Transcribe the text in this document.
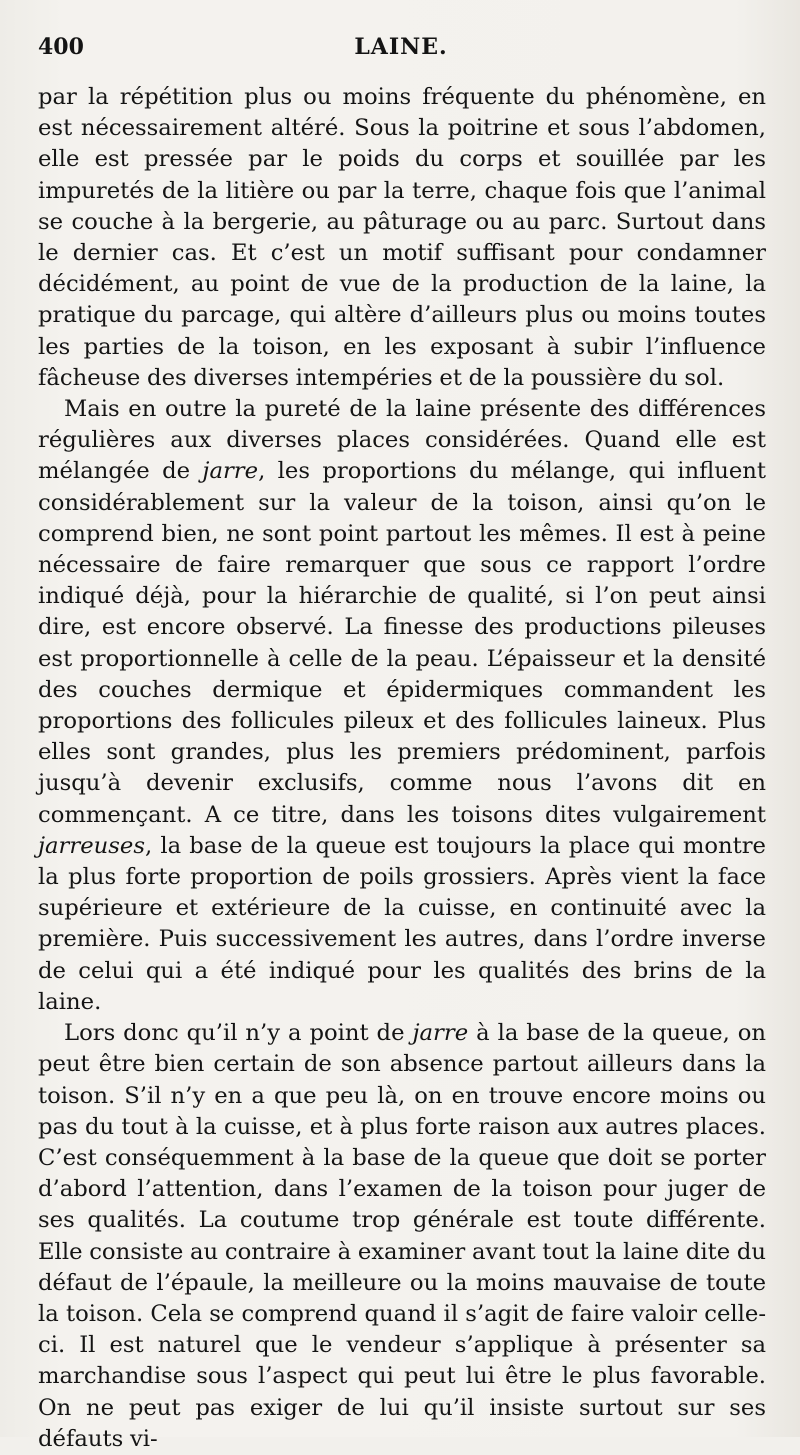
400	LAINE.

par la répétition plus ou moins fréquente du phénomène, en est nécessairement altéré. Sous la poitrine et sous l’abdomen, elle est pressée par le poids du corps et souillée par les impuretés de la litière ou par la terre, chaque fois que l’animal se couche à la bergerie, au pâturage ou au parc. Surtout dans le dernier cas. Et c’est un motif suffisant pour condamner décidément, au point de vue de la production de la laine, la pratique du parcage, qui altère d’ailleurs plus ou moins toutes les parties de la toison, en les exposant à subir l’influence fâcheuse des diverses intempéries et de la poussière du sol.

Mais en outre la pureté de la laine présente des différences régulières aux diverses places considérées. Quand elle est mélangée de jarre, les proportions du mélange, qui influent considérablement sur la valeur de la toison, ainsi qu’on le comprend bien, ne sont point partout les mêmes. Il est à peine nécessaire de faire remarquer que sous ce rapport l’ordre indiqué déjà, pour la hiérarchie de qualité, si l’on peut ainsi dire, est encore observé. La finesse des productions pileuses est proportionnelle à celle de la peau. L’épaisseur et la densité des couches dermique et épidermiques commandent les proportions des follicules pileux et des follicules laineux. Plus elles sont grandes, plus les premiers prédominent, parfois jusqu’à devenir exclusifs, comme nous l’avons dit en commençant. A ce titre, dans les toisons dites vulgairement jarreuses, la base de la queue est toujours la place qui montre la plus forte proportion de poils grossiers. Après vient la face supérieure et extérieure de la cuisse, en continuité avec la première. Puis successivement les autres, dans l’ordre inverse de celui qui a été indiqué pour les qualités des brins de la laine.

Lors donc qu’il n’y a point de jarre à la base de la queue, on peut être bien certain de son absence partout ailleurs dans la toison. S’il n’y en a que peu là, on en trouve encore moins ou pas du tout à la cuisse, et à plus forte raison aux autres places. C’est conséquemment à la base de la queue que doit se porter d’abord l’attention, dans l’examen de la toison pour juger de ses qualités. La coutume trop générale est toute différente. Elle consiste au contraire à examiner avant tout la laine dite du défaut de l’épaule, la meilleure ou la moins mauvaise de toute la toison. Cela se comprend quand il s’agit de faire valoir celle-ci. Il est naturel que le vendeur s’applique à présenter sa marchandise sous l’aspect qui peut lui être le plus favorable. On ne peut pas exiger de lui qu’il insiste surtout sur ses défauts vi-
